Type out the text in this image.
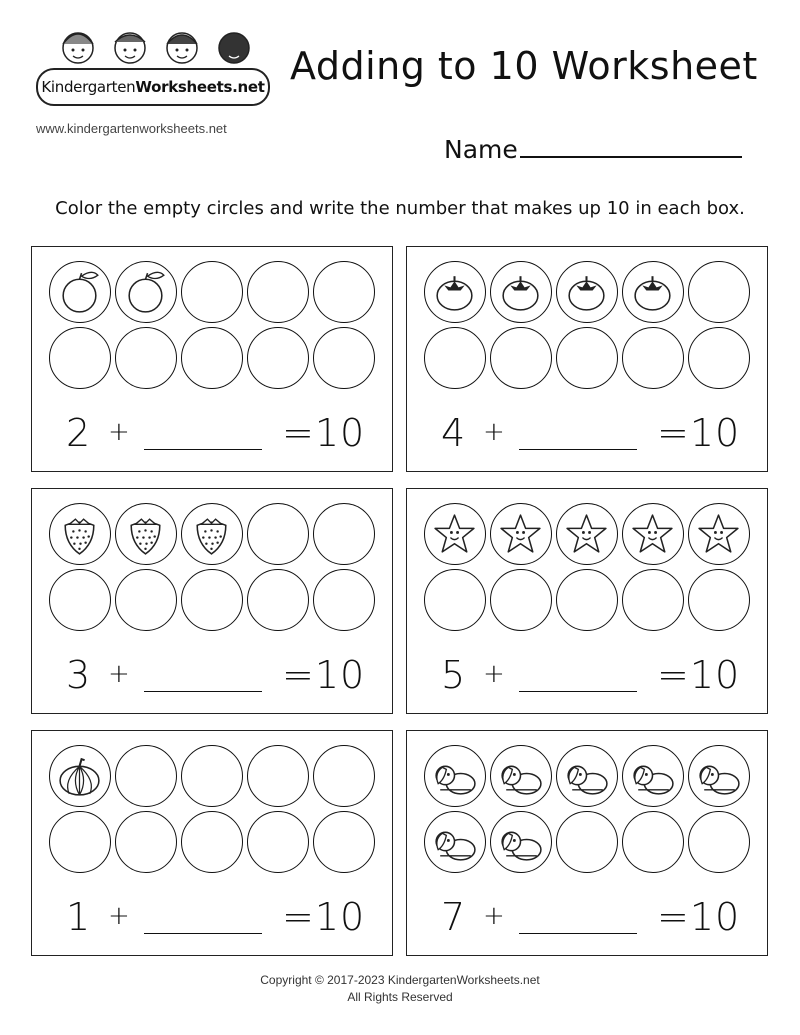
KindergartenWorksheets.net
www.kindergartenworksheets.net
Adding to 10 Worksheet
Name
Color the empty circles and write the number that makes up 10 in each box.
2 +	=10 4 +	=10
3 +	=10 5 +	=10
1 +	=10 7 +	=10
Copyright © 2017-2023 KindergartenWorksheets.net
All Rights Reserved
